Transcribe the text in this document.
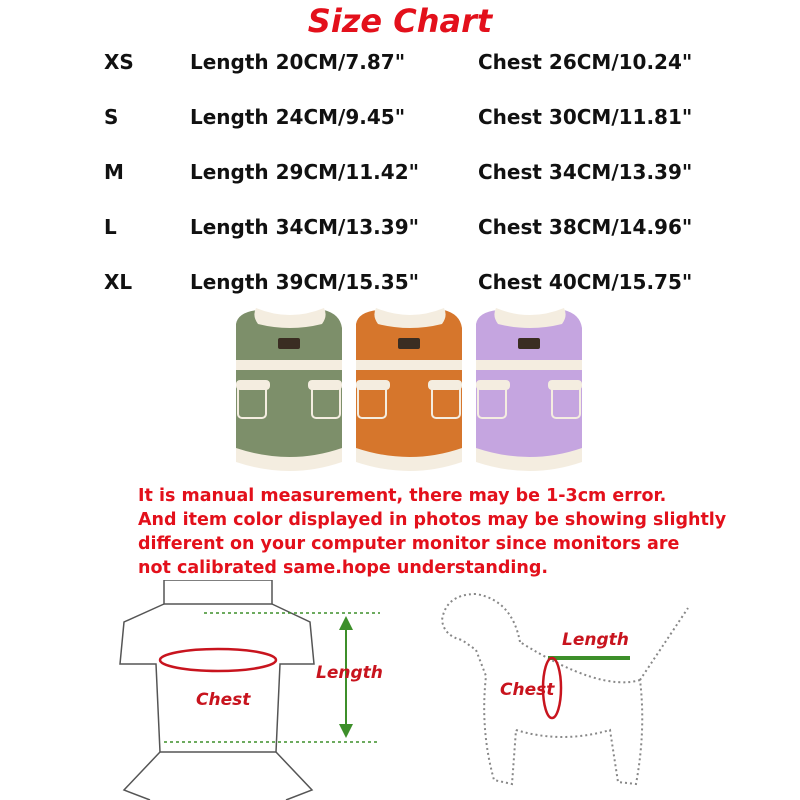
Size Chart
XS	Length 20CM/7.87"	Chest 26CM/10.24"
S	Length 24CM/9.45"	Chest 30CM/11.81"
M	Length 29CM/11.42"	Chest 34CM/13.39"
L	Length 34CM/13.39"	Chest 38CM/14.96"
XL	Length 39CM/15.35"	Chest 40CM/15.75"
It is manual measurement, there may be 1-3cm error.
And item color displayed in photos may be showing slightly
different on your computer monitor since monitors are
not calibrated same.hope understanding.
Chest
Length
Length
Chest
